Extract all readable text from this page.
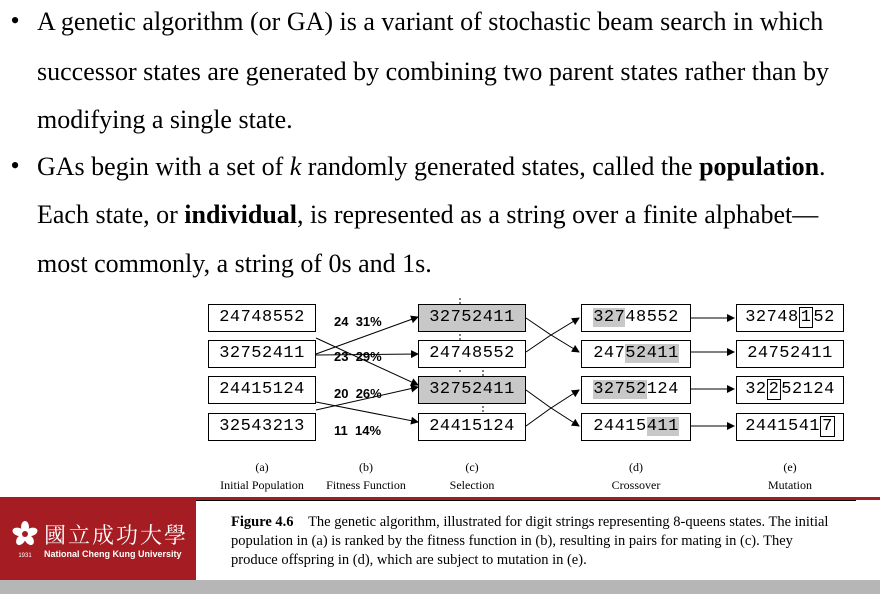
• A genetic algorithm (or GA) is a variant of stochastic beam search in which
successor states are generated by combining two parent states rather than by
modifying a single state.
• GAs begin with a set of k randomly generated states, called the population.
Each state, or individual, is represented as a string over a finite alphabet—
most commonly, a string of 0s and 1s.
24748552
32752411
24415124
32543213
24 31%
23 29%
20 26%
11 14%
32752411
24748552
32752411
24415124
32748552
24752411
32752124
24415411
32748 1 52
24752411
32 2 52124
2441541 7
(a)
Initial Population
(b)
Fitness Function
(c)
Selection
(d)
Crossover
(e)
Mutation
Figure 4.6 The genetic algorithm, illustrated for digit strings representing 8-queens states. The initial population in (a) is ranked by the fitness function in (b), resulting in pairs for mating in (c). They produce offspring in (d), which are subject to mutation in (e).
1931
國立成功大學
National Cheng Kung University
